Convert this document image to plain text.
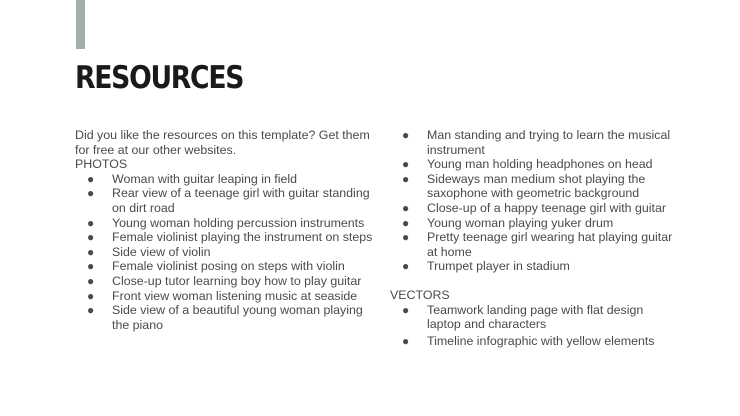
RESOURCES

Did you like the resources on this template? Get them for free at our other websites.

PHOTOS

● Woman with guitar leaping in field
● Rear view of a teenage girl with guitar standing on dirt road
● Young woman holding percussion instruments
● Female violinist playing the instrument on steps
● Side view of violin
● Female violinist posing on steps with violin
● Close-up tutor learning boy how to play guitar
● Front view woman listening music at seaside
● Side view of a beautiful young woman playing the piano
● Man standing and trying to learn the musical instrument
● Young man holding headphones on head
● Sideways man medium shot playing the saxophone with geometric background
● Close-up of a happy teenage girl with guitar
● Young woman playing yuker drum
● Pretty teenage girl wearing hat playing guitar at home
● Trumpet player in stadium

VECTORS

● Teamwork landing page with flat design laptop and characters
● Timeline infographic with yellow elements
